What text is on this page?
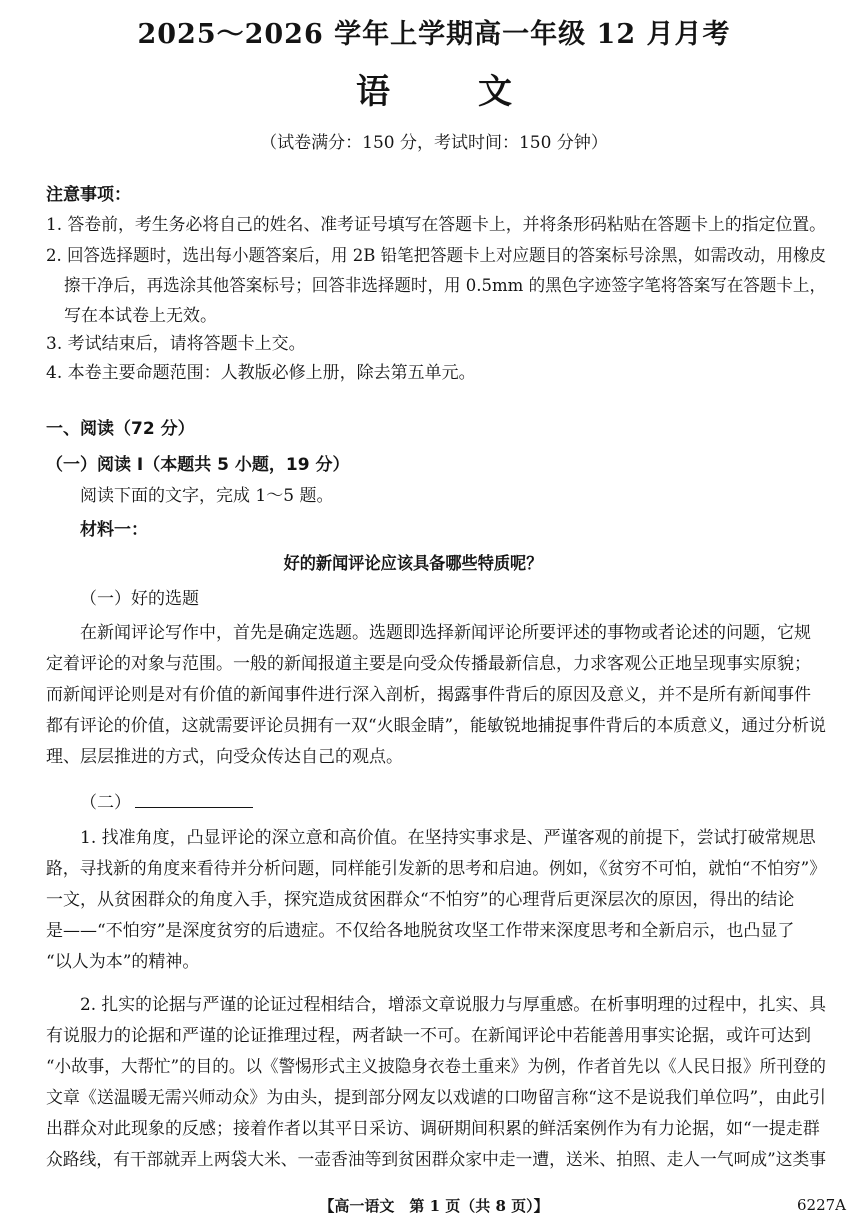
2025～2026 学年上学期高一年级 12 月月考
语	文
（试卷满分：150 分，考试时间：150 分钟）
注意事项：
1. 答卷前，考生务必将自己的姓名、准考证号填写在答题卡上，并将条形码粘贴在答题卡上的指定位置。
2. 回答选择题时，选出每小题答案后，用 2B 铅笔把答题卡上对应题目的答案标号涂黑，如需改动，用橡皮
擦干净后，再选涂其他答案标号；回答非选择题时，用 0.5mm 的黑色字迹签字笔将答案写在答题卡上，
写在本试卷上无效。
3. 考试结束后，请将答题卡上交。
4. 本卷主要命题范围：人教版必修上册，除去第五单元。
一、阅读（72 分）
（一）阅读 Ⅰ（本题共 5 小题，19 分）
阅读下面的文字，完成 1～5 题。
材料一：
好的新闻评论应该具备哪些特质呢？
（一）好的选题
在新闻评论写作中，首先是确定选题。选题即选择新闻评论所要评述的事物或者论述的问题，它规
定着评论的对象与范围。一般的新闻报道主要是向受众传播最新信息，力求客观公正地呈现事实原貌；
而新闻评论则是对有价值的新闻事件进行深入剖析，揭露事件背后的原因及意义，并不是所有新闻事件
都有评论的价值，这就需要评论员拥有一双“火眼金睛”，能敏锐地捕捉事件背后的本质意义，通过分析说
理、层层推进的方式，向受众传达自己的观点。
（二）
1. 找准角度，凸显评论的深立意和高价值。在坚持实事求是、严谨客观的前提下，尝试打破常规思
路，寻找新的角度来看待并分析问题，同样能引发新的思考和启迪。例如，《贫穷不可怕，就怕“不怕穷”》
一文，从贫困群众的角度入手，探究造成贫困群众“不怕穷”的心理背后更深层次的原因，得出的结论
是——“不怕穷”是深度贫穷的后遗症。不仅给各地脱贫攻坚工作带来深度思考和全新启示，也凸显了
“以人为本”的精神。
2. 扎实的论据与严谨的论证过程相结合，增添文章说服力与厚重感。在析事明理的过程中，扎实、具
有说服力的论据和严谨的论证推理过程，两者缺一不可。在新闻评论中若能善用事实论据，或许可达到
“小故事，大帮忙”的目的。以《警惕形式主义披隐身衣卷土重来》为例，作者首先以《人民日报》所刊登的
文章《送温暖无需兴师动众》为由头，提到部分网友以戏谑的口吻留言称“这不是说我们单位吗”，由此引
出群众对此现象的反感；接着作者以其平日采访、调研期间积累的鲜活案例作为有力论据，如“一提走群
众路线，有干部就弄上两袋大米、一壶香油等到贫困群众家中走一遭，送米、拍照、走人一气呵成”这类事
【高一语文　第 1 页（共 8 页）】	6227A
